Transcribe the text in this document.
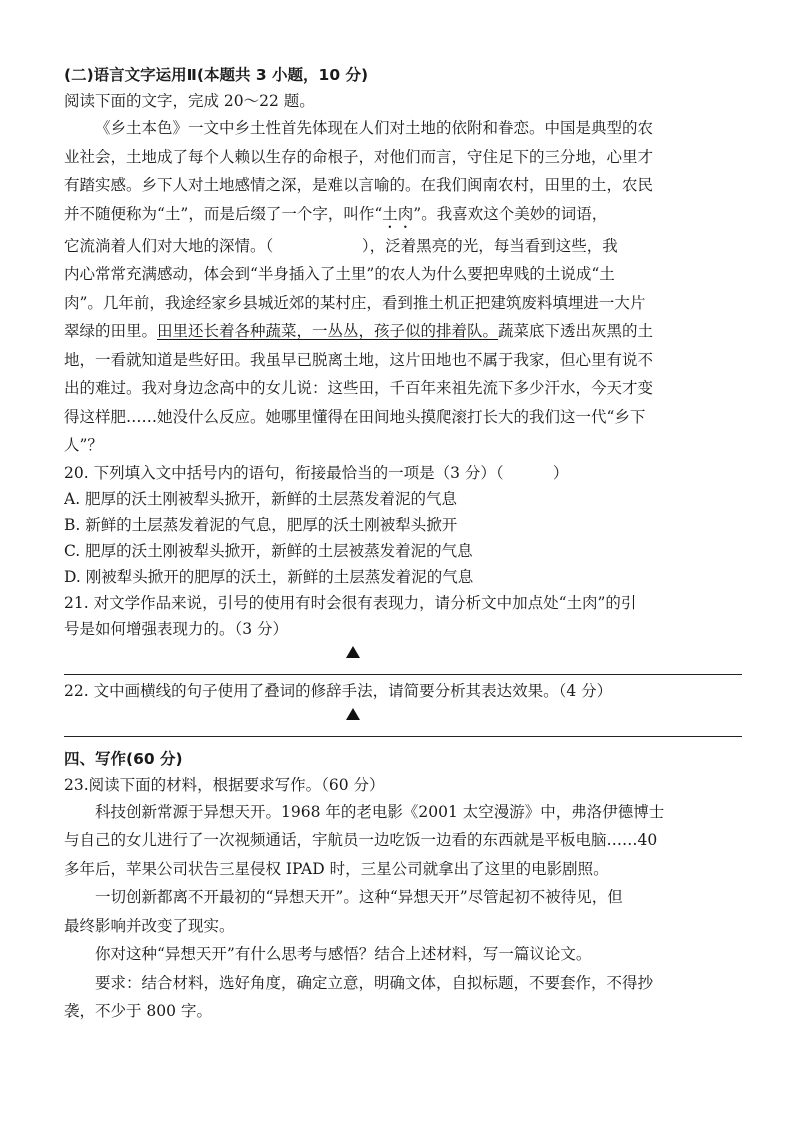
(二)语言文字运用Ⅱ(本题共 3 小题，10 分)
阅读下面的文字，完成 20～22 题。
《乡土本色》一文中乡土性首先体现在人们对土地的依附和眷恋。中国是典型的农
业社会，土地成了每个人赖以生存的命根子，对他们而言，守住足下的三分地，心里才
有踏实感。乡下人对土地感情之深，是难以言喻的。在我们闽南农村，田里的土，农民
并不随便称为“土”，而是后缀了一个字，叫作“土肉”。我喜欢这个美妙的词语，
它流淌着人们对大地的深情。（                  ），泛着黑亮的光，每当看到这些，我
内心常常充满感动，体会到“半身插入了土里”的农人为什么要把卑贱的土说成“土
肉”。几年前，我途经家乡县城近郊的某村庄，看到推土机正把建筑废料填埋进一大片
翠绿的田里。田里还长着各种蔬菜，一丛丛，孩子似的排着队。蔬菜底下透出灰黑的土
地，一看就知道是些好田。我虽早已脱离土地，这片田地也不属于我家，但心里有说不
出的难过。我对身边念高中的女儿说：这些田，千百年来祖先流下多少汗水，今天才变
得这样肥……她没什么反应。她哪里懂得在田间地头摸爬滚打长大的我们这一代“乡下
人”？
20. 下列填入文中括号内的语句，衔接最恰当的一项是（3 分）（          ）
A. 肥厚的沃土刚被犁头掀开，新鲜的土层蒸发着泥的气息
B. 新鲜的土层蒸发着泥的气息，肥厚的沃土刚被犁头掀开
C. 肥厚的沃土刚被犁头掀开，新鲜的土层被蒸发着泥的气息
D. 刚被犁头掀开的肥厚的沃土，新鲜的土层蒸发着泥的气息
21. 对文学作品来说，引号的使用有时会很有表现力，请分析文中加点处“土肉”的引
号是如何增强表现力的。（3 分）
22. 文中画横线的句子使用了叠词的修辞手法，请简要分析其表达效果。（4 分）
四、写作(60 分)
23.阅读下面的材料，根据要求写作。（60 分）
科技创新常源于异想天开。1968 年的老电影《2001 太空漫游》中，弗洛伊德博士
与自己的女儿进行了一次视频通话，宇航员一边吃饭一边看的东西就是平板电脑……40
多年后，苹果公司状告三星侵权 IPAD 时，三星公司就拿出了这里的电影剧照。
一切创新都离不开最初的“异想天开”。这种“异想天开”尽管起初不被待见，但
最终影响并改变了现实。
你对这种“异想天开”有什么思考与感悟？结合上述材料，写一篇议论文。
要求：结合材料，选好角度，确定立意，明确文体，自拟标题，不要套作，不得抄
袭，不少于 800 字。
